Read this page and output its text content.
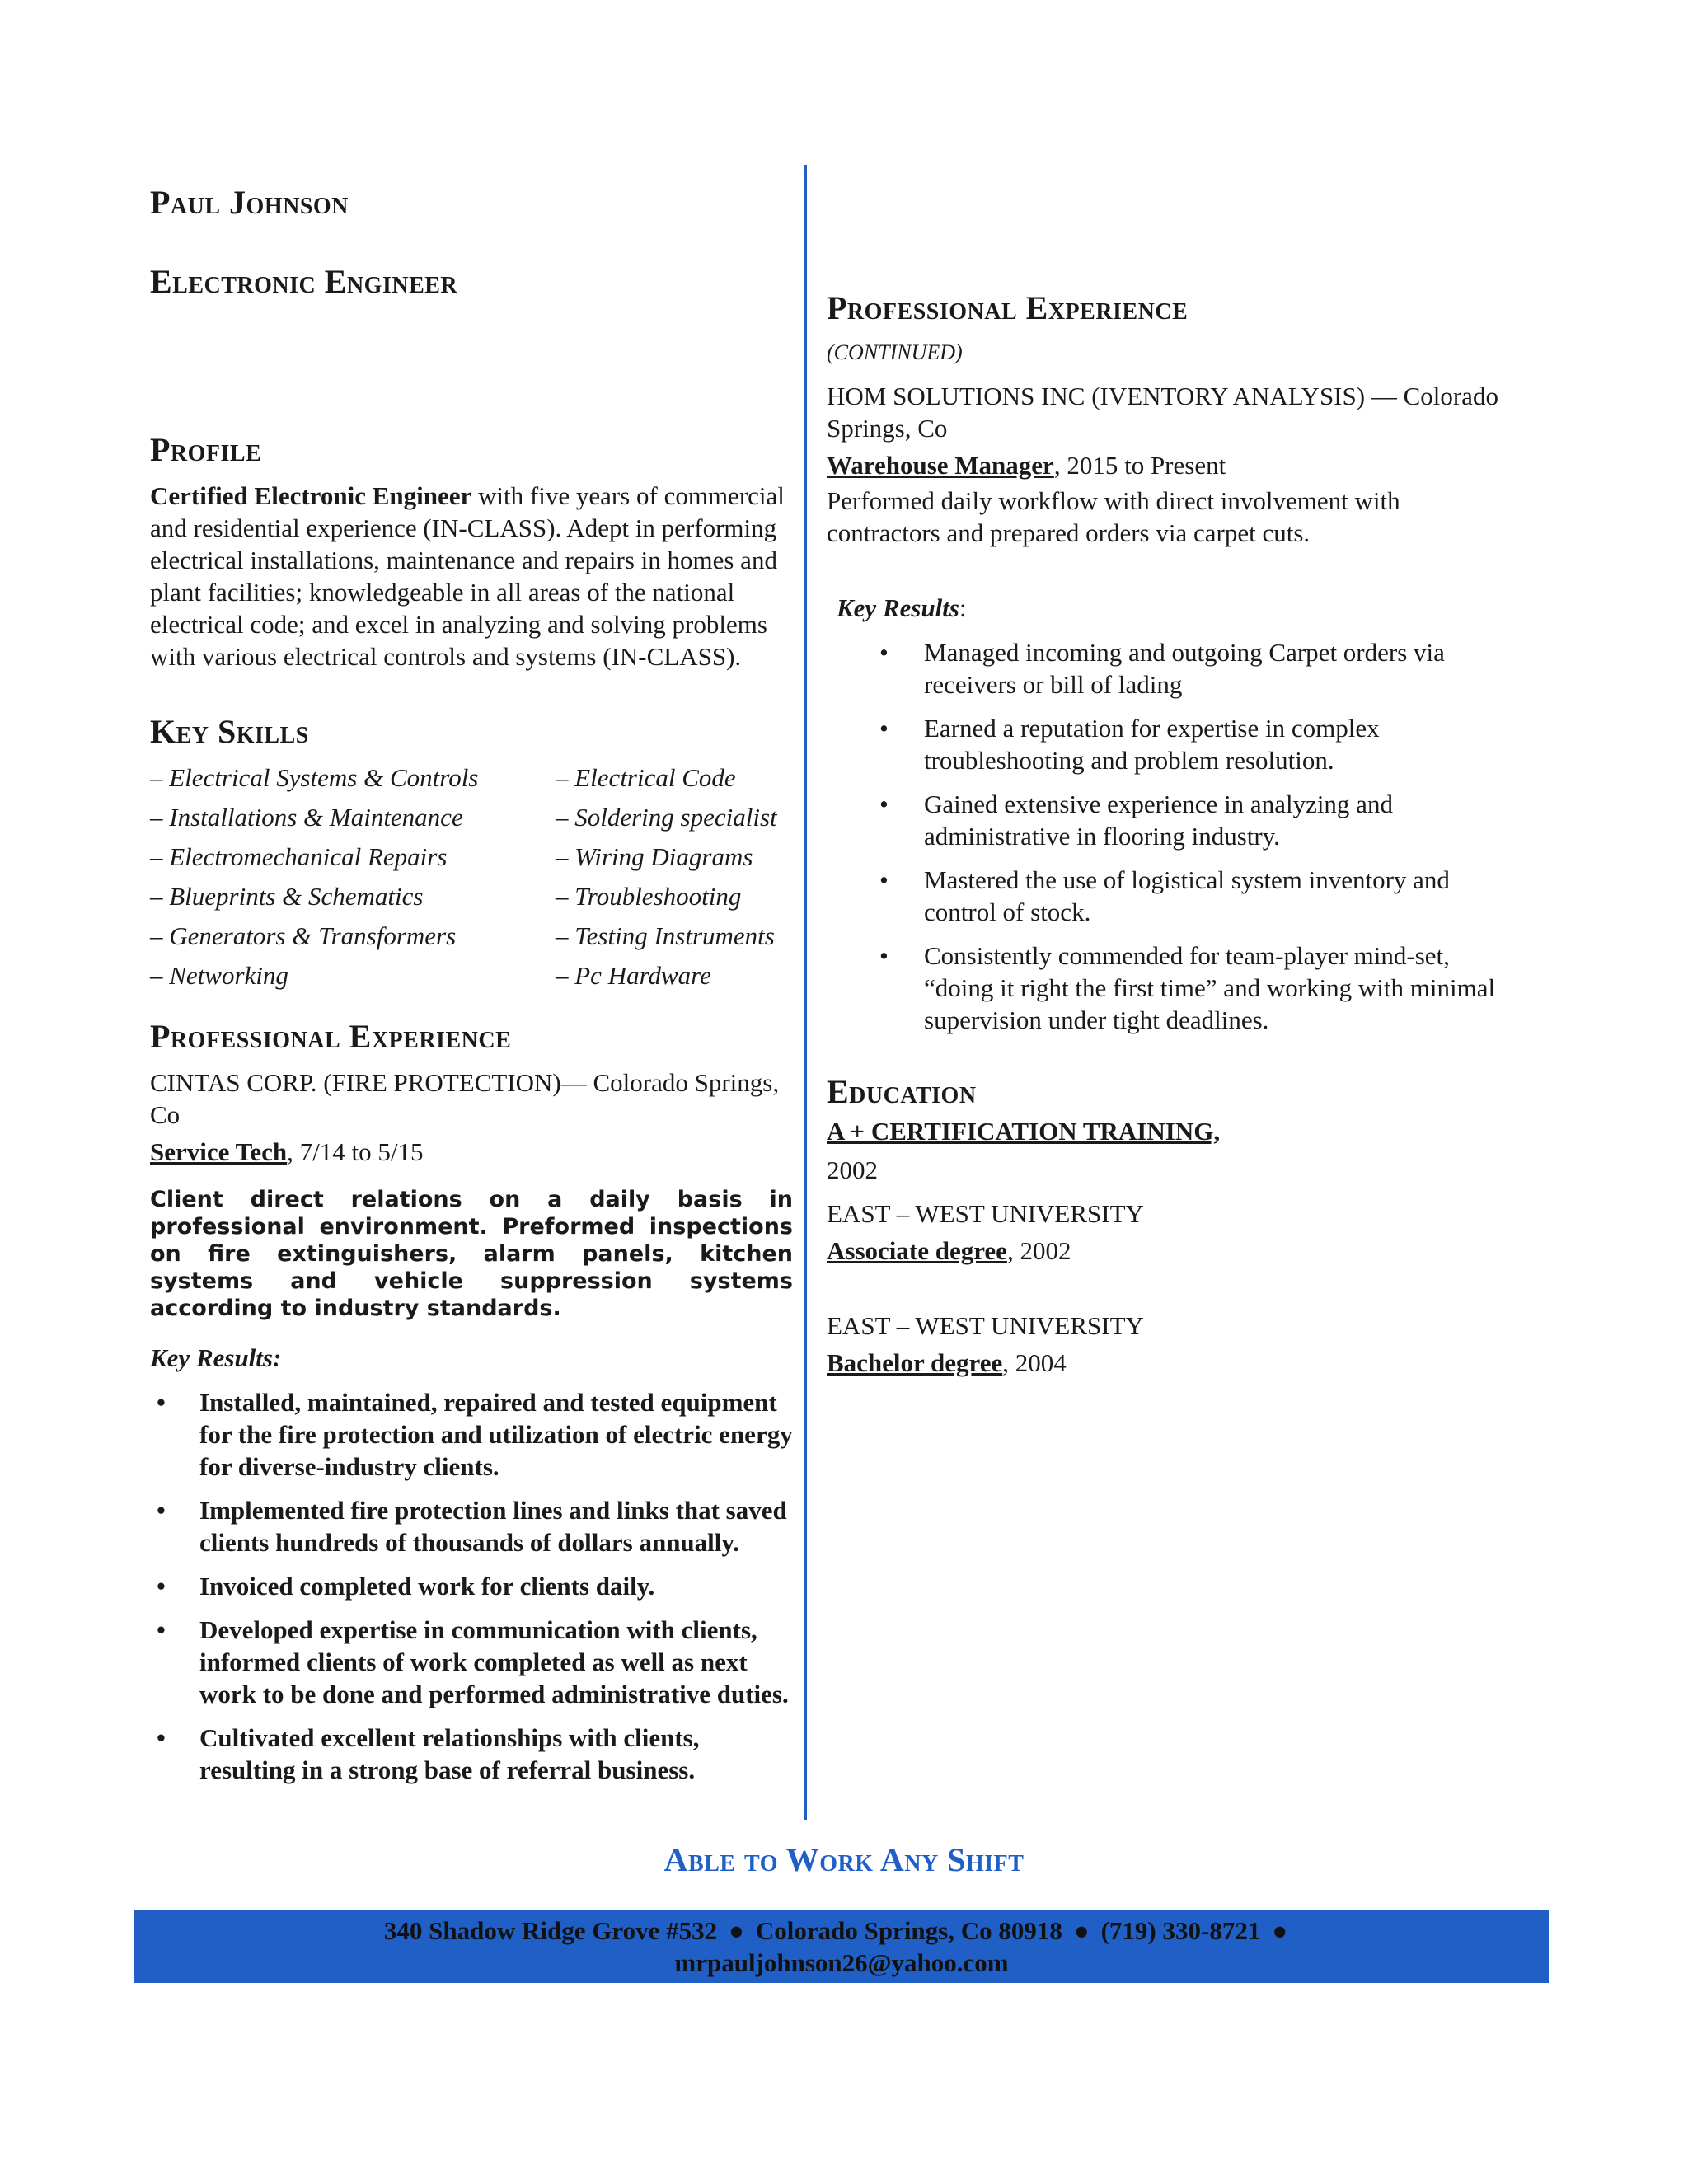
Paul Johnson
Electronic Engineer
Profile

Certified Electronic Engineer with five years of commercial and residential experience (IN-CLASS). Adept in performing electrical installations, maintenance and repairs in homes and plant facilities; knowledgeable in all areas of the national electrical code; and excel in analyzing and solving problems with various electrical controls and systems (IN-CLASS).

Key Skills
– Electrical Systems & Controls	– Electrical Code
– Installations & Maintenance	– Soldering specialist
– Electromechanical Repairs	– Wiring Diagrams
– Blueprints & Schematics	– Troubleshooting
– Generators & Transformers	– Testing Instruments
– Networking	– Pc Hardware
Professional Experience

CINTAS CORP. (FIRE PROTECTION)— Colorado Springs, Co

Service Tech, 7/14 to 5/15

Client direct relations on a daily basis in professional environment. Preformed inspections on fire extinguishers, alarm panels, kitchen systems and vehicle suppression systems according to industry standards.

Key Results:

• Installed, maintained, repaired and tested equipment for the fire protection and utilization of electric energy for diverse-industry clients.
• Implemented fire protection lines and links that saved clients hundreds of thousands of dollars annually.
• Invoiced completed work for clients daily.
• Developed expertise in communication with clients, informed clients of work completed as well as next work to be done and performed administrative duties.
• Cultivated excellent relationships with clients, resulting in a strong base of referral business.
Professional Experience

(CONTINUED)

HOM SOLUTIONS INC (IVENTORY ANALYSIS) — Colorado Springs, Co

Warehouse Manager, 2015 to Present

Performed daily workflow with direct involvement with contractors and prepared orders via carpet cuts.

Key Results:

• Managed incoming and outgoing Carpet orders via receivers or bill of lading
• Earned a reputation for expertise in complex troubleshooting and problem resolution.
• Gained extensive experience in analyzing and administrative in flooring industry.
• Mastered the use of logistical system inventory and control of stock.
• Consistently commended for team-player mind-set, “doing it right the first time” and working with minimal supervision under tight deadlines.
Education

A + CERTIFICATION TRAINING,

2002

EAST – WEST UNIVERSITY

Associate degree, 2002

EAST – WEST UNIVERSITY

Bachelor degree, 2004

Able to Work Any Shift
340 Shadow Ridge Grove #532 ● Colorado Springs, Co 80918 ● (719) 330-8721 ●
mrpauljohnson26@yahoo.com
